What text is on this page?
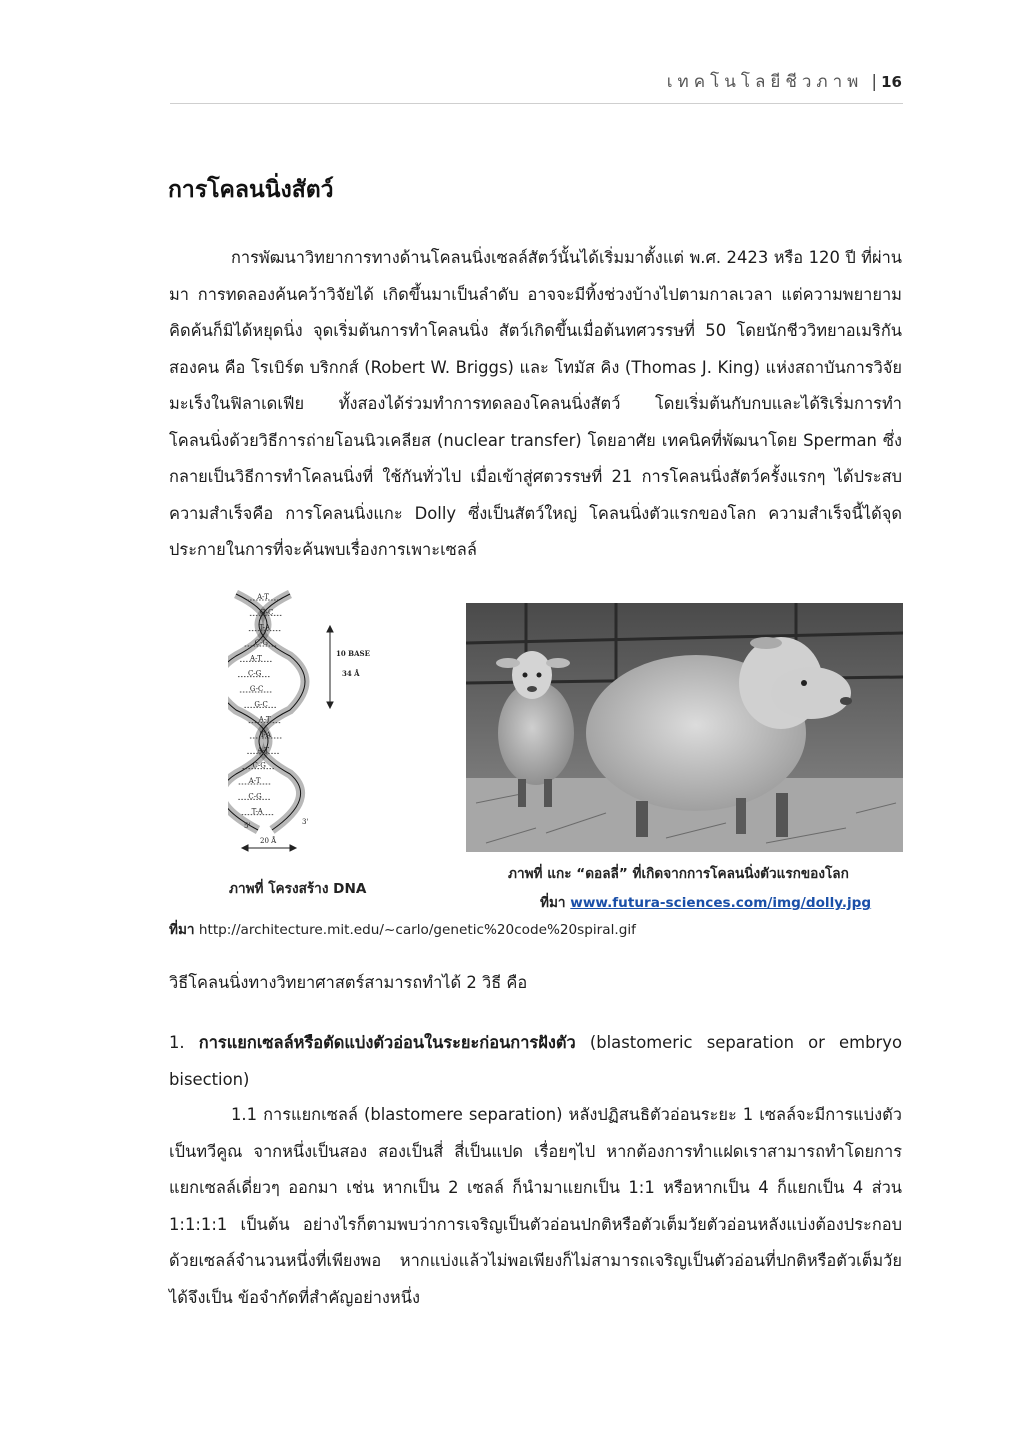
เทคโนโลยีชีวภาพ | 16
การโคลนนิ่งสัตว์

การพัฒนาวิทยาการทางด้านโคลนนิ่งเซลล์สัตว์นั้นได้เริ่มมาตั้งแต่ พ.ศ. 2423 หรือ 120 ปี ที่ผ่านมา การทดลองค้นคว้าวิจัยได้ เกิดขึ้นมาเป็นลำดับ อาจจะมีทิ้งช่วงบ้างไปตามกาลเวลา แต่ความพยายามคิดค้นก็มิได้หยุดนิ่ง จุดเริ่มต้นการทำโคลนนิ่ง สัตว์เกิดขึ้นเมื่อต้นทศวรรษที่ 50 โดยนักชีววิทยาอเมริกันสองคน คือ โรเบิร์ต บริกกส์ (Robert W. Briggs) และ โทมัส คิง (Thomas J. King) แห่งสถาบันการวิจัยมะเร็งในฟิลาเดเฟีย ทั้งสองได้ร่วมทำการทดลองโคลนนิ่งสัตว์ โดยเริ่มต้นกับกบและได้ริเริ่มการทำ โคลนนิ่งด้วยวิธีการถ่ายโอนนิวเคลียส (nuclear transfer) โดยอาศัย เทคนิคที่พัฒนาโดย Sperman ซึ่งกลายเป็นวิธีการทำโคลนนิ่งที่ ใช้กันทั่วไป เมื่อเข้าสู่ศตวรรษที่ 21 การโคลนนิ่งสัตว์ครั้งแรกๆ ได้ประสบความสำเร็จคือ การโคลนนิ่งแกะ Dolly ซึ่งเป็นสัตว์ใหญ่ โคลนนิ่งตัวแรกของโลก ความสำเร็จนี้ได้จุดประกายในการที่จะค้นพบเรื่องการเพาะเซลล์

A-T
G-C
T-A
C-G
A-T
C-G
G-C
G-C
A-T
T-A
A-T
C-G
A-T
C-G
T-A
10 BASE
34 Å
5'	3'
20 Å
ภาพที่ โครงสร้าง DNA
ภาพที่ แกะ “ดอลลี่” ที่เกิดจากการโคลนนิ่งตัวแรกของโลก
ที่มา www.futura-sciences.com/img/dolly.jpg
ที่มา http://architecture.mit.edu/~carlo/genetic%20code%20spiral.gif
วิธีโคลนนิ่งทางวิทยาศาสตร์สามารถทำได้ 2 วิธี คือ

1. การแยกเซลล์หรือตัดแบ่งตัวอ่อนในระยะก่อนการฝังตัว (blastomeric separation or embryo bisection)

1.1 การแยกเซลล์ (blastomere separation) หลังปฏิสนธิตัวอ่อนระยะ 1 เซลล์จะมีการแบ่งตัวเป็นทวีคูณ จากหนึ่งเป็นสอง สองเป็นสี่ สี่เป็นแปด เรื่อยๆไป หากต้องการทำแฝดเราสามารถทำโดยการแยกเซลล์เดี่ยวๆ ออกมา เช่น หากเป็น 2 เซลล์ ก็นำมาแยกเป็น 1:1 หรือหากเป็น 4 ก็แยกเป็น 4 ส่วน 1:1:1:1 เป็นต้น อย่างไรก็ตามพบว่าการเจริญเป็นตัวอ่อนปกติหรือตัวเต็มวัยตัวอ่อนหลังแบ่งต้องประกอบด้วยเซลล์จำนวนหนึ่งที่เพียงพอ หากแบ่งแล้วไม่พอเพียงก็ไม่สามารถเจริญเป็นตัวอ่อนที่ปกติหรือตัวเต็มวัยได้จึงเป็น ข้อจำกัดที่สำคัญอย่างหนึ่ง
